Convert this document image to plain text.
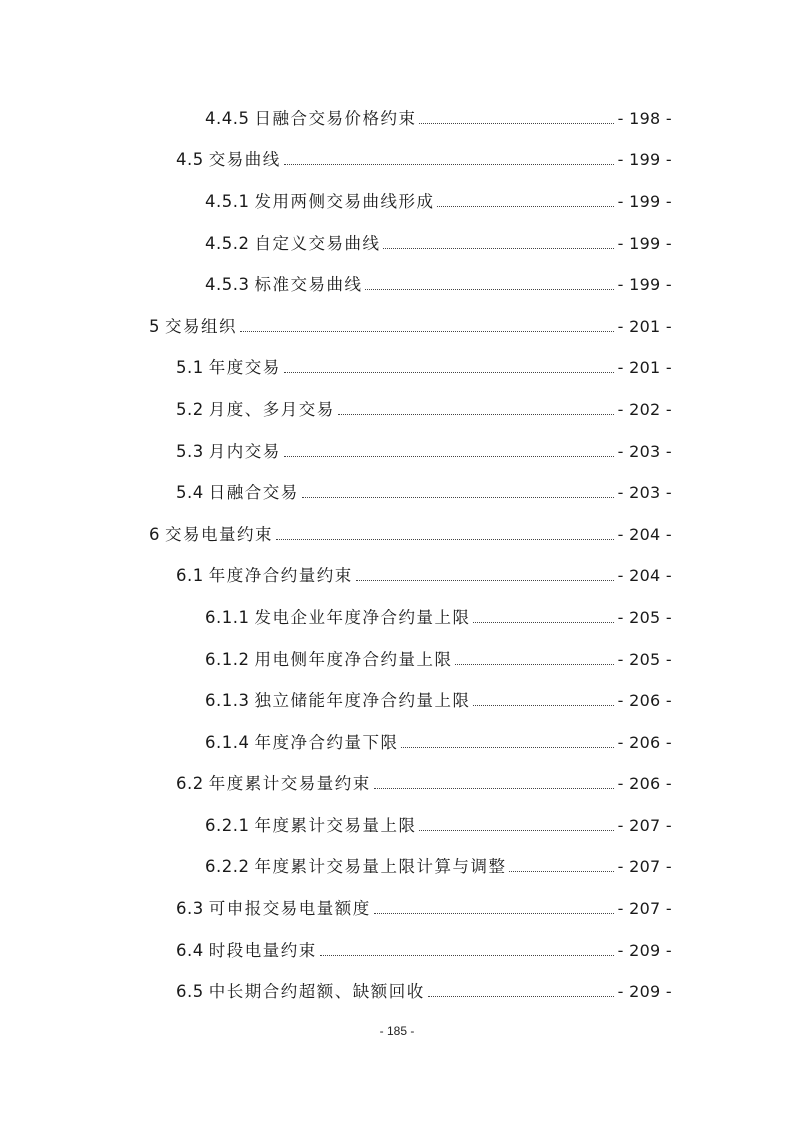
4.4.5 日融合交易价格约束	- 198 -
4.5 交易曲线	- 199 -
4.5.1 发用两侧交易曲线形成	- 199 -
4.5.2 自定义交易曲线	- 199 -
4.5.3 标准交易曲线	- 199 -
5 交易组织	- 201 -
5.1 年度交易	- 201 -
5.2 月度、多月交易	- 202 -
5.3 月内交易	- 203 -
5.4 日融合交易	- 203 -
6 交易电量约束	- 204 -
6.1 年度净合约量约束	- 204 -
6.1.1 发电企业年度净合约量上限	- 205 -
6.1.2 用电侧年度净合约量上限	- 205 -
6.1.3 独立储能年度净合约量上限	- 206 -
6.1.4 年度净合约量下限	- 206 -
6.2 年度累计交易量约束	- 206 -
6.2.1 年度累计交易量上限	- 207 -
6.2.2 年度累计交易量上限计算与调整	- 207 -
6.3 可申报交易电量额度	- 207 -
6.4 时段电量约束	- 209 -
6.5 中长期合约超额、缺额回收	- 209 -
- 185 -
